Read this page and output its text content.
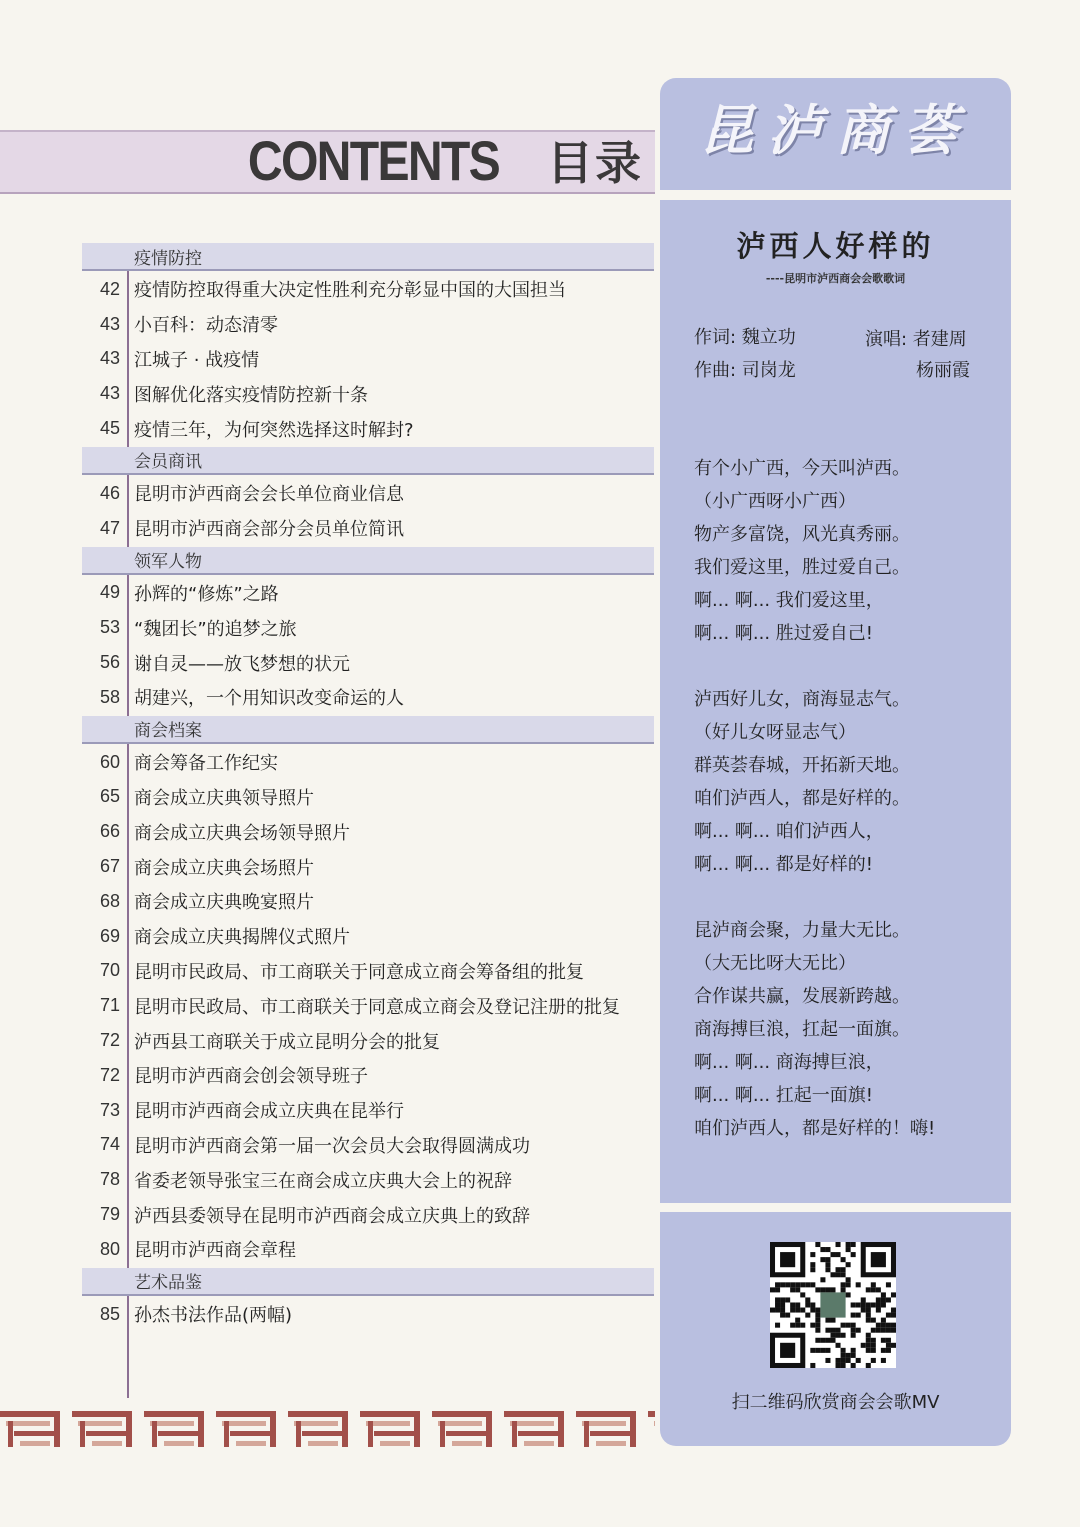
CONTENTS 目录
疫情防控
42 疫情防控取得重大决定性胜利充分彰显中国的大国担当
43 小百科：动态清零
43 江城子 · 战疫情
43 图解优化落实疫情防控新十条
45 疫情三年，为何突然选择这时解封?
会员商讯
46 昆明市泸西商会会长单位商业信息
47 昆明市泸西商会部分会员单位简讯
领军人物
49 孙辉的“修炼”之路
53 “魏团长”的追梦之旅
56 谢自灵——放飞梦想的状元
58 胡建兴，一个用知识改变命运的人
商会档案
60 商会筹备工作纪实
65 商会成立庆典领导照片
66 商会成立庆典会场领导照片
67 商会成立庆典会场照片
68 商会成立庆典晚宴照片
69 商会成立庆典揭牌仪式照片
70 昆明市民政局、市工商联关于同意成立商会筹备组的批复
71 昆明市民政局、市工商联关于同意成立商会及登记注册的批复
72 泸西县工商联关于成立昆明分会的批复
72 昆明市泸西商会创会领导班子
73 昆明市泸西商会成立庆典在昆举行
74 昆明市泸西商会第一届一次会员大会取得圆满成功
78 省委老领导张宝三在商会成立庆典大会上的祝辞
79 泸西县委领导在昆明市泸西商会成立庆典上的致辞
80 昆明市泸西商会章程
艺术品鉴
85 孙杰书法作品(两幅)
昆泸商荟
泸西人好样的
----昆明市泸西商会会歌歌词
作词: 魏立功
作曲: 司岗龙
演唱: 者建周
杨丽霞
有个小广西，今天叫泸西。
（小广西呀小广西）
物产多富饶，风光真秀丽。
我们爱这里，胜过爱自己。
啊... 啊... 我们爱这里，
啊... 啊... 胜过爱自己!
泸西好儿女，商海显志气。
（好儿女呀显志气）
群英荟春城，开拓新天地。
咱们泸西人，都是好样的。
啊... 啊... 咱们泸西人，
啊... 啊... 都是好样的!
昆泸商会聚，力量大无比。
（大无比呀大无比）
合作谋共赢，发展新跨越。
商海搏巨浪，扛起一面旗。
啊... 啊... 商海搏巨浪，
啊... 啊... 扛起一面旗!
咱们泸西人，都是好样的！嗨!
扫二维码欣赏商会会歌MV
